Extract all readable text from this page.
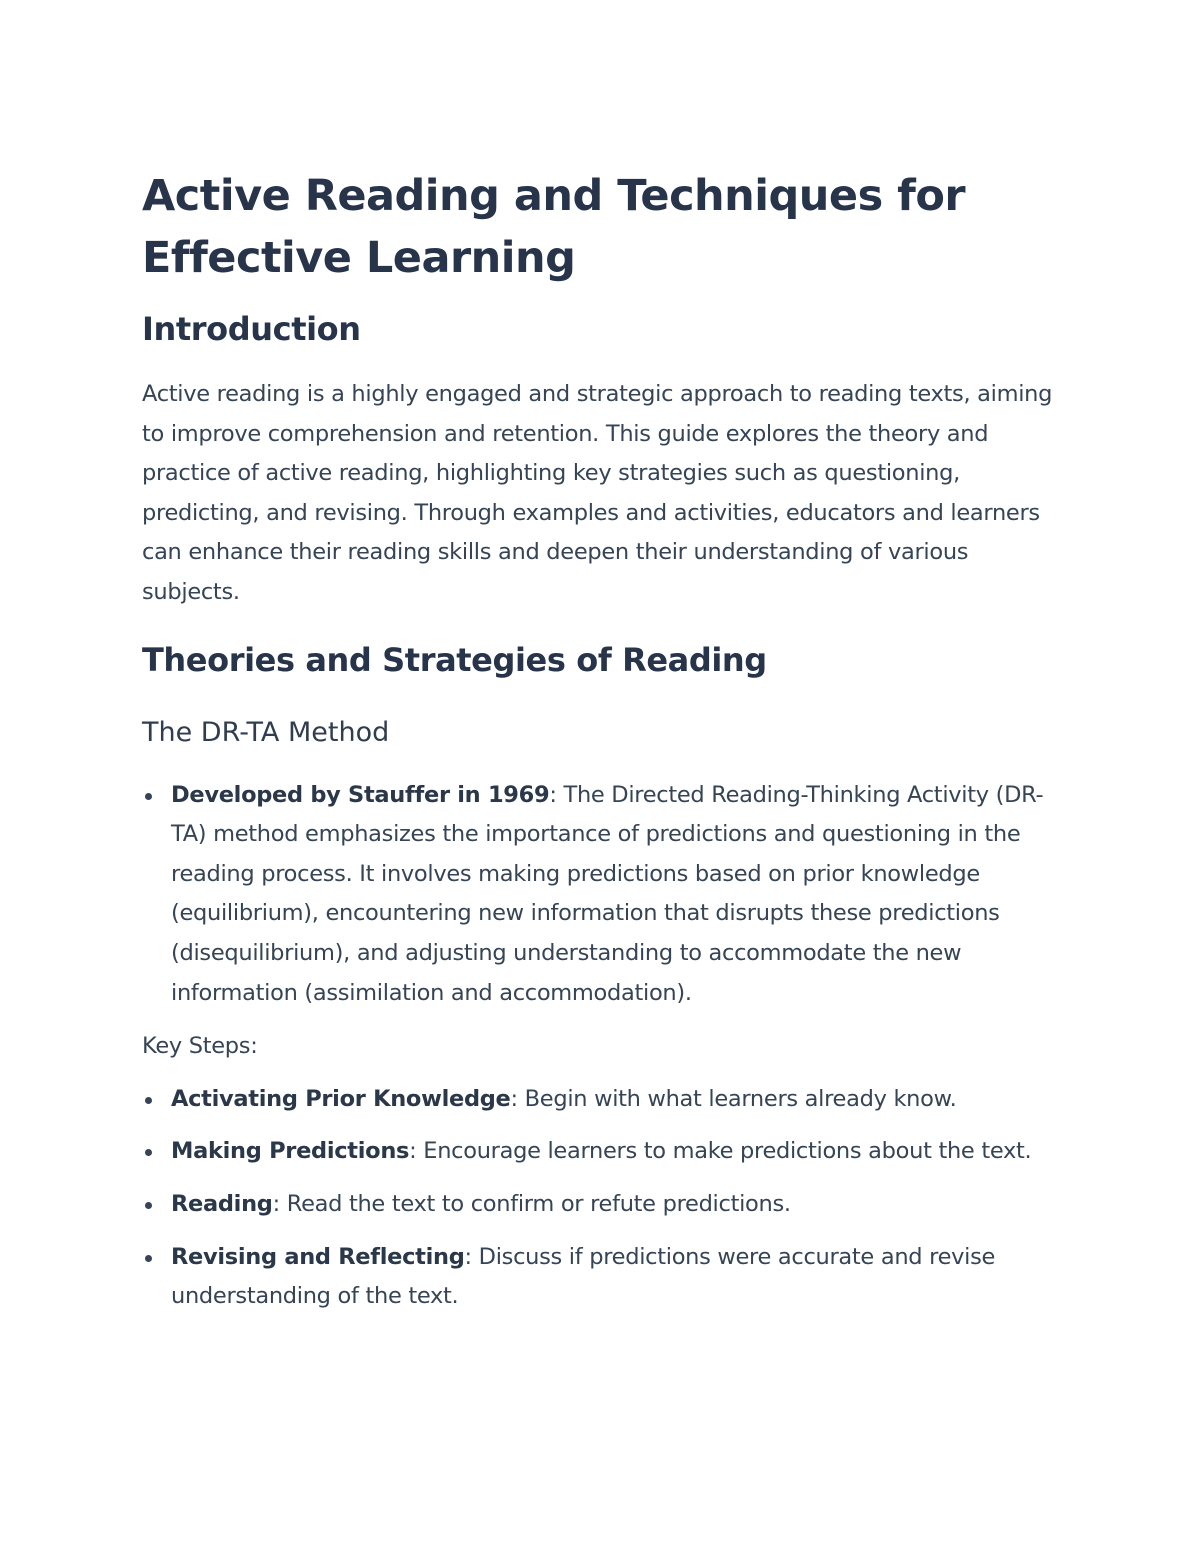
Active Reading and Techniques for Effective Learning
Introduction

Active reading is a highly engaged and strategic approach to reading texts, aiming to improve comprehension and retention. This guide explores the theory and practice of active reading, highlighting key strategies such as questioning, predicting, and revising. Through examples and activities, educators and learners can enhance their reading skills and deepen their understanding of various subjects.

Theories and Strategies of Reading
The DR-TA Method
Developed by Stauffer in 1969: The Directed Reading-Thinking Activity (DR-TA) method emphasizes the importance of predictions and questioning in the reading process. It involves making predictions based on prior knowledge (equilibrium), encountering new information that disrupts these predictions (disequilibrium), and adjusting understanding to accommodate the new information (assimilation and accommodation).

Key Steps:

Activating Prior Knowledge: Begin with what learners already know.
Making Predictions: Encourage learners to make predictions about the text.
Reading: Read the text to confirm or refute predictions.
Revising and Reflecting: Discuss if predictions were accurate and revise understanding of the text.
